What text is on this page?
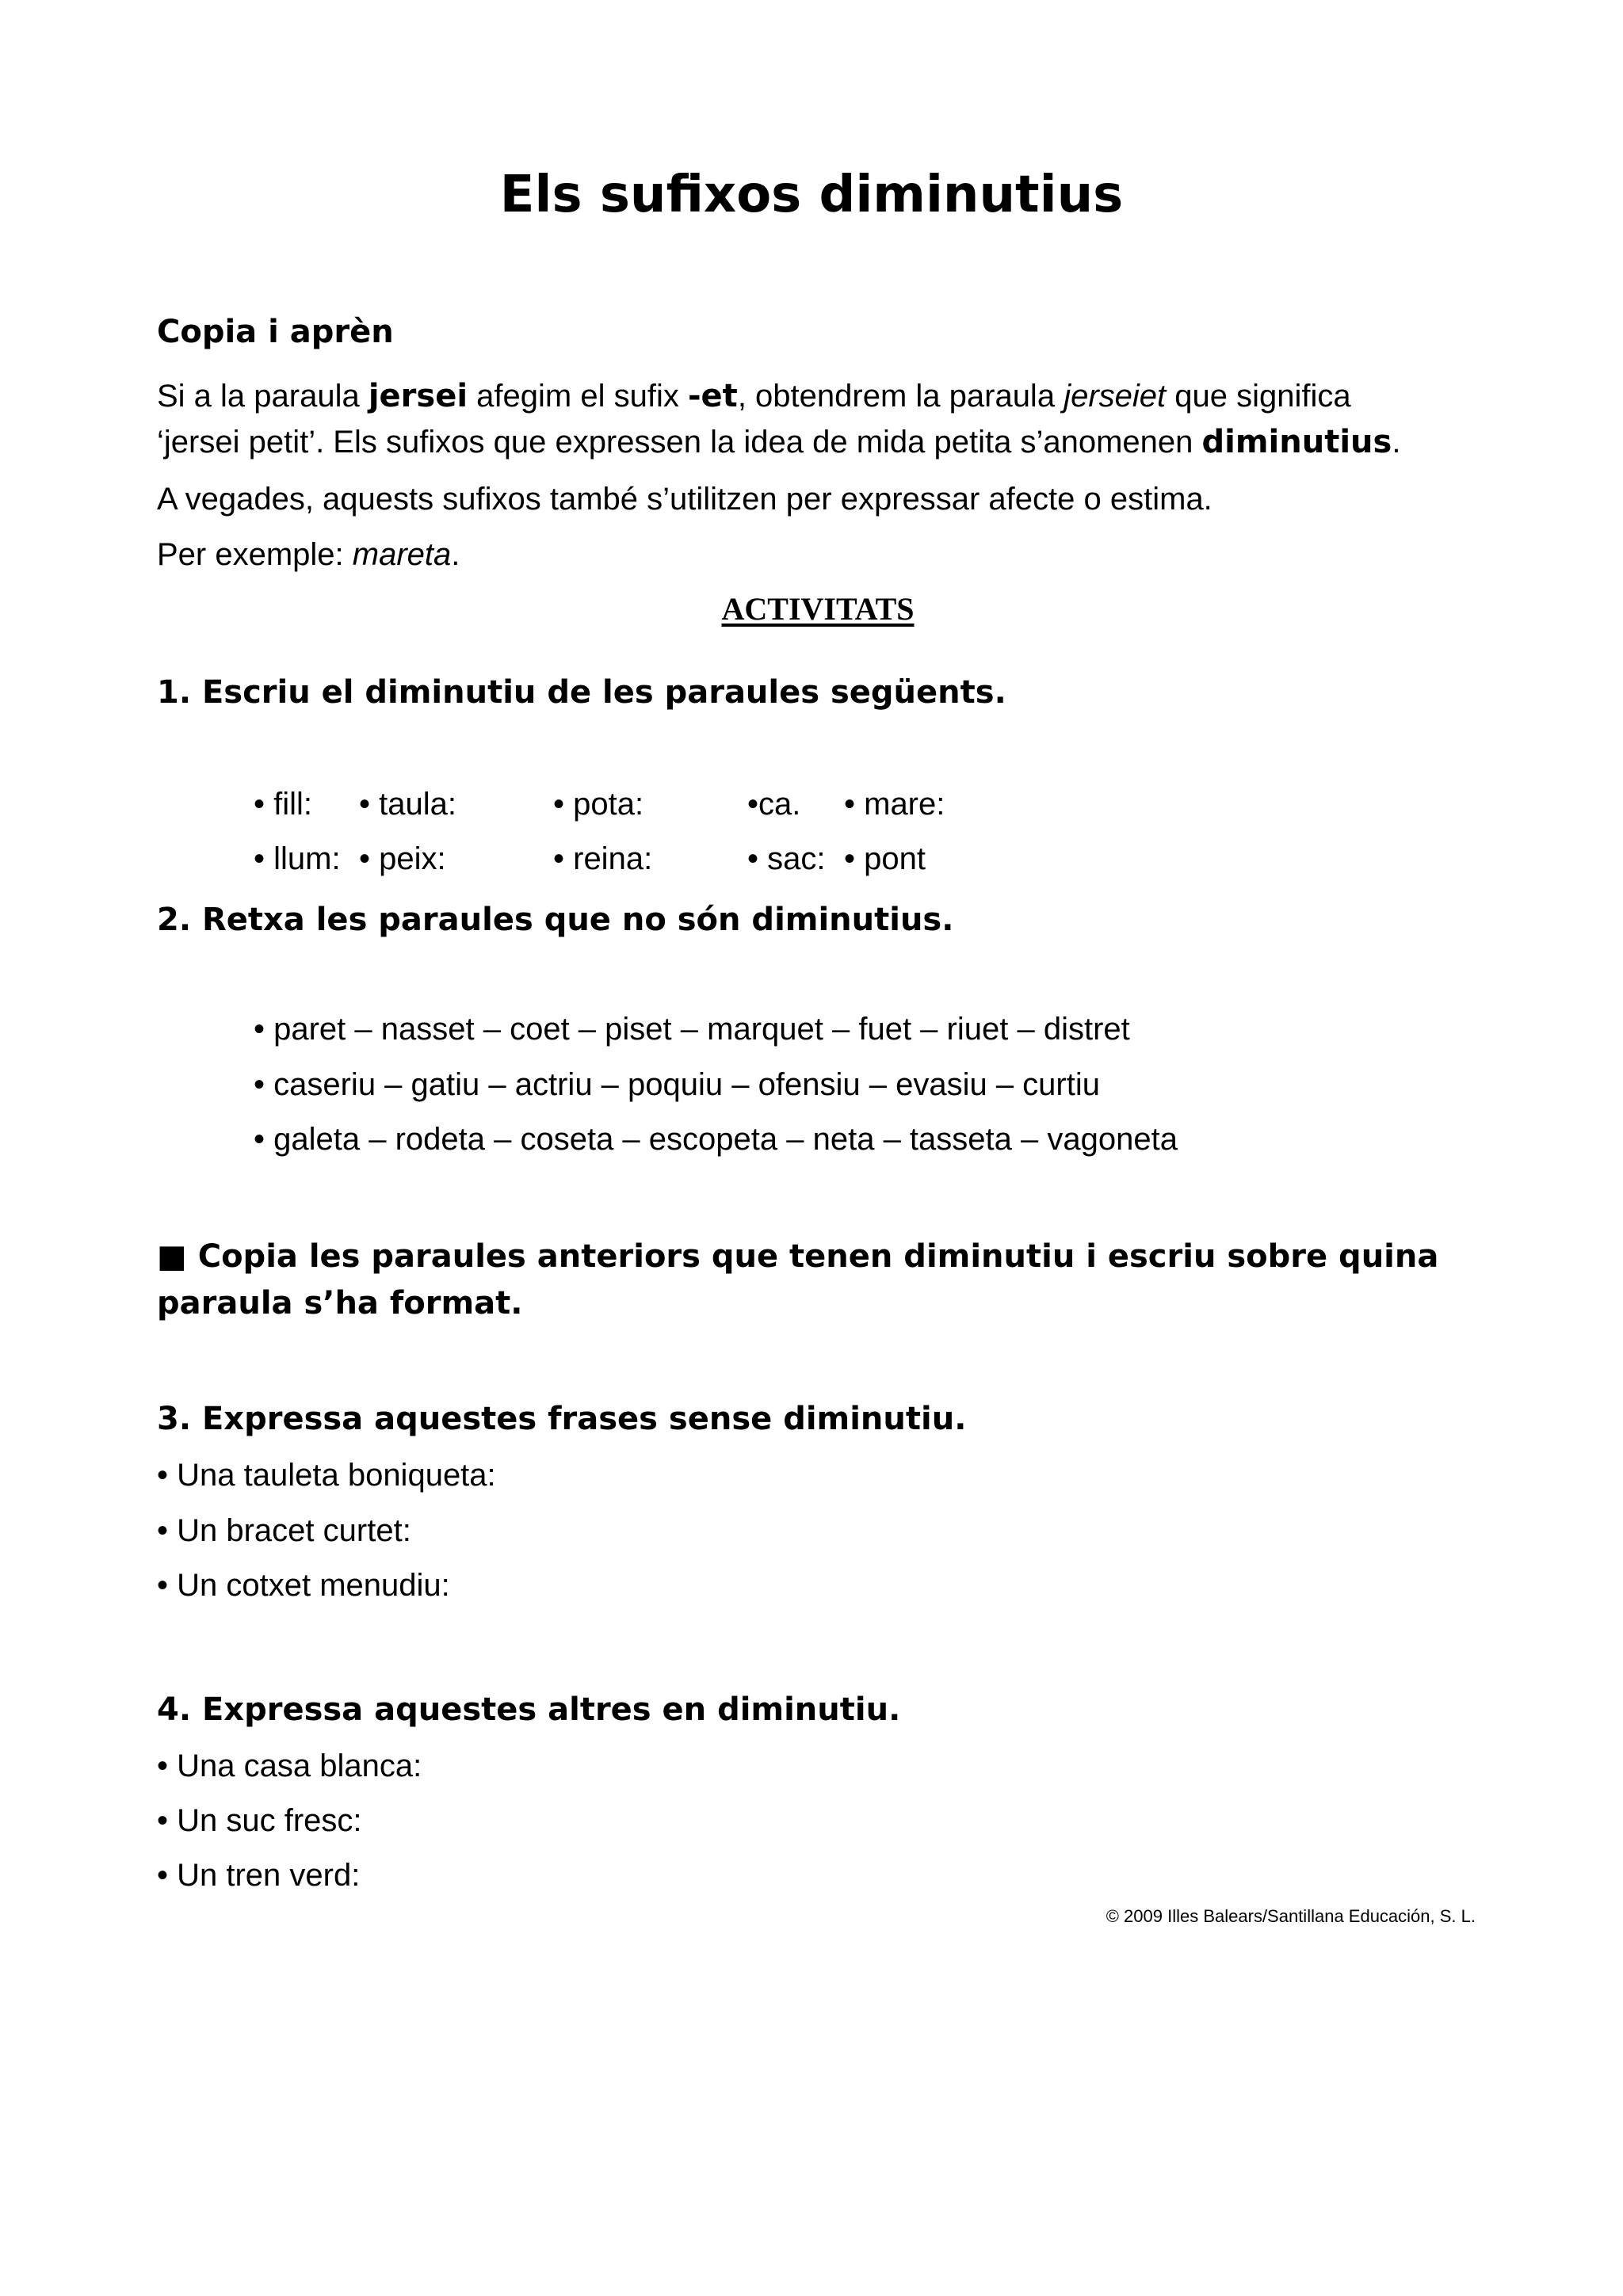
Els sufixos diminutius
Copia i aprèn
Si a la paraula jersei afegim el sufix -et, obtendrem la paraula jerseiet que significa
‘jersei petit’. Els sufixos que expressen la idea de mida petita s’anomenen diminutius.
A vegades, aquests sufixos també s’utilitzen per expressar afecte o estima.
Per exemple: mareta.
ACTIVITATS
1. Escriu el diminutiu de les paraules següents.
• fill: • taula:	• pota:	•ca. • mare:
• llum: • peix:	• reina:	• sac: • pont
2. Retxa les paraules que no són diminutius.
• paret – nasset – coet – piset – marquet – fuet – riuet – distret
• caseriu – gatiu – actriu – poquiu – ofensiu – evasiu – curtiu
• galeta – rodeta – coseta – escopeta – neta – tasseta – vagoneta
■ Copia les paraules anteriors que tenen diminutiu i escriu sobre quina
paraula s’ha format.
3. Expressa aquestes frases sense diminutiu.
• Una tauleta boniqueta:
• Un bracet curtet:
• Un cotxet menudiu:
4. Expressa aquestes altres en diminutiu.
• Una casa blanca:
• Un suc fresc:
• Un tren verd:
© 2009 Illes Balears/Santillana Educación, S. L.
